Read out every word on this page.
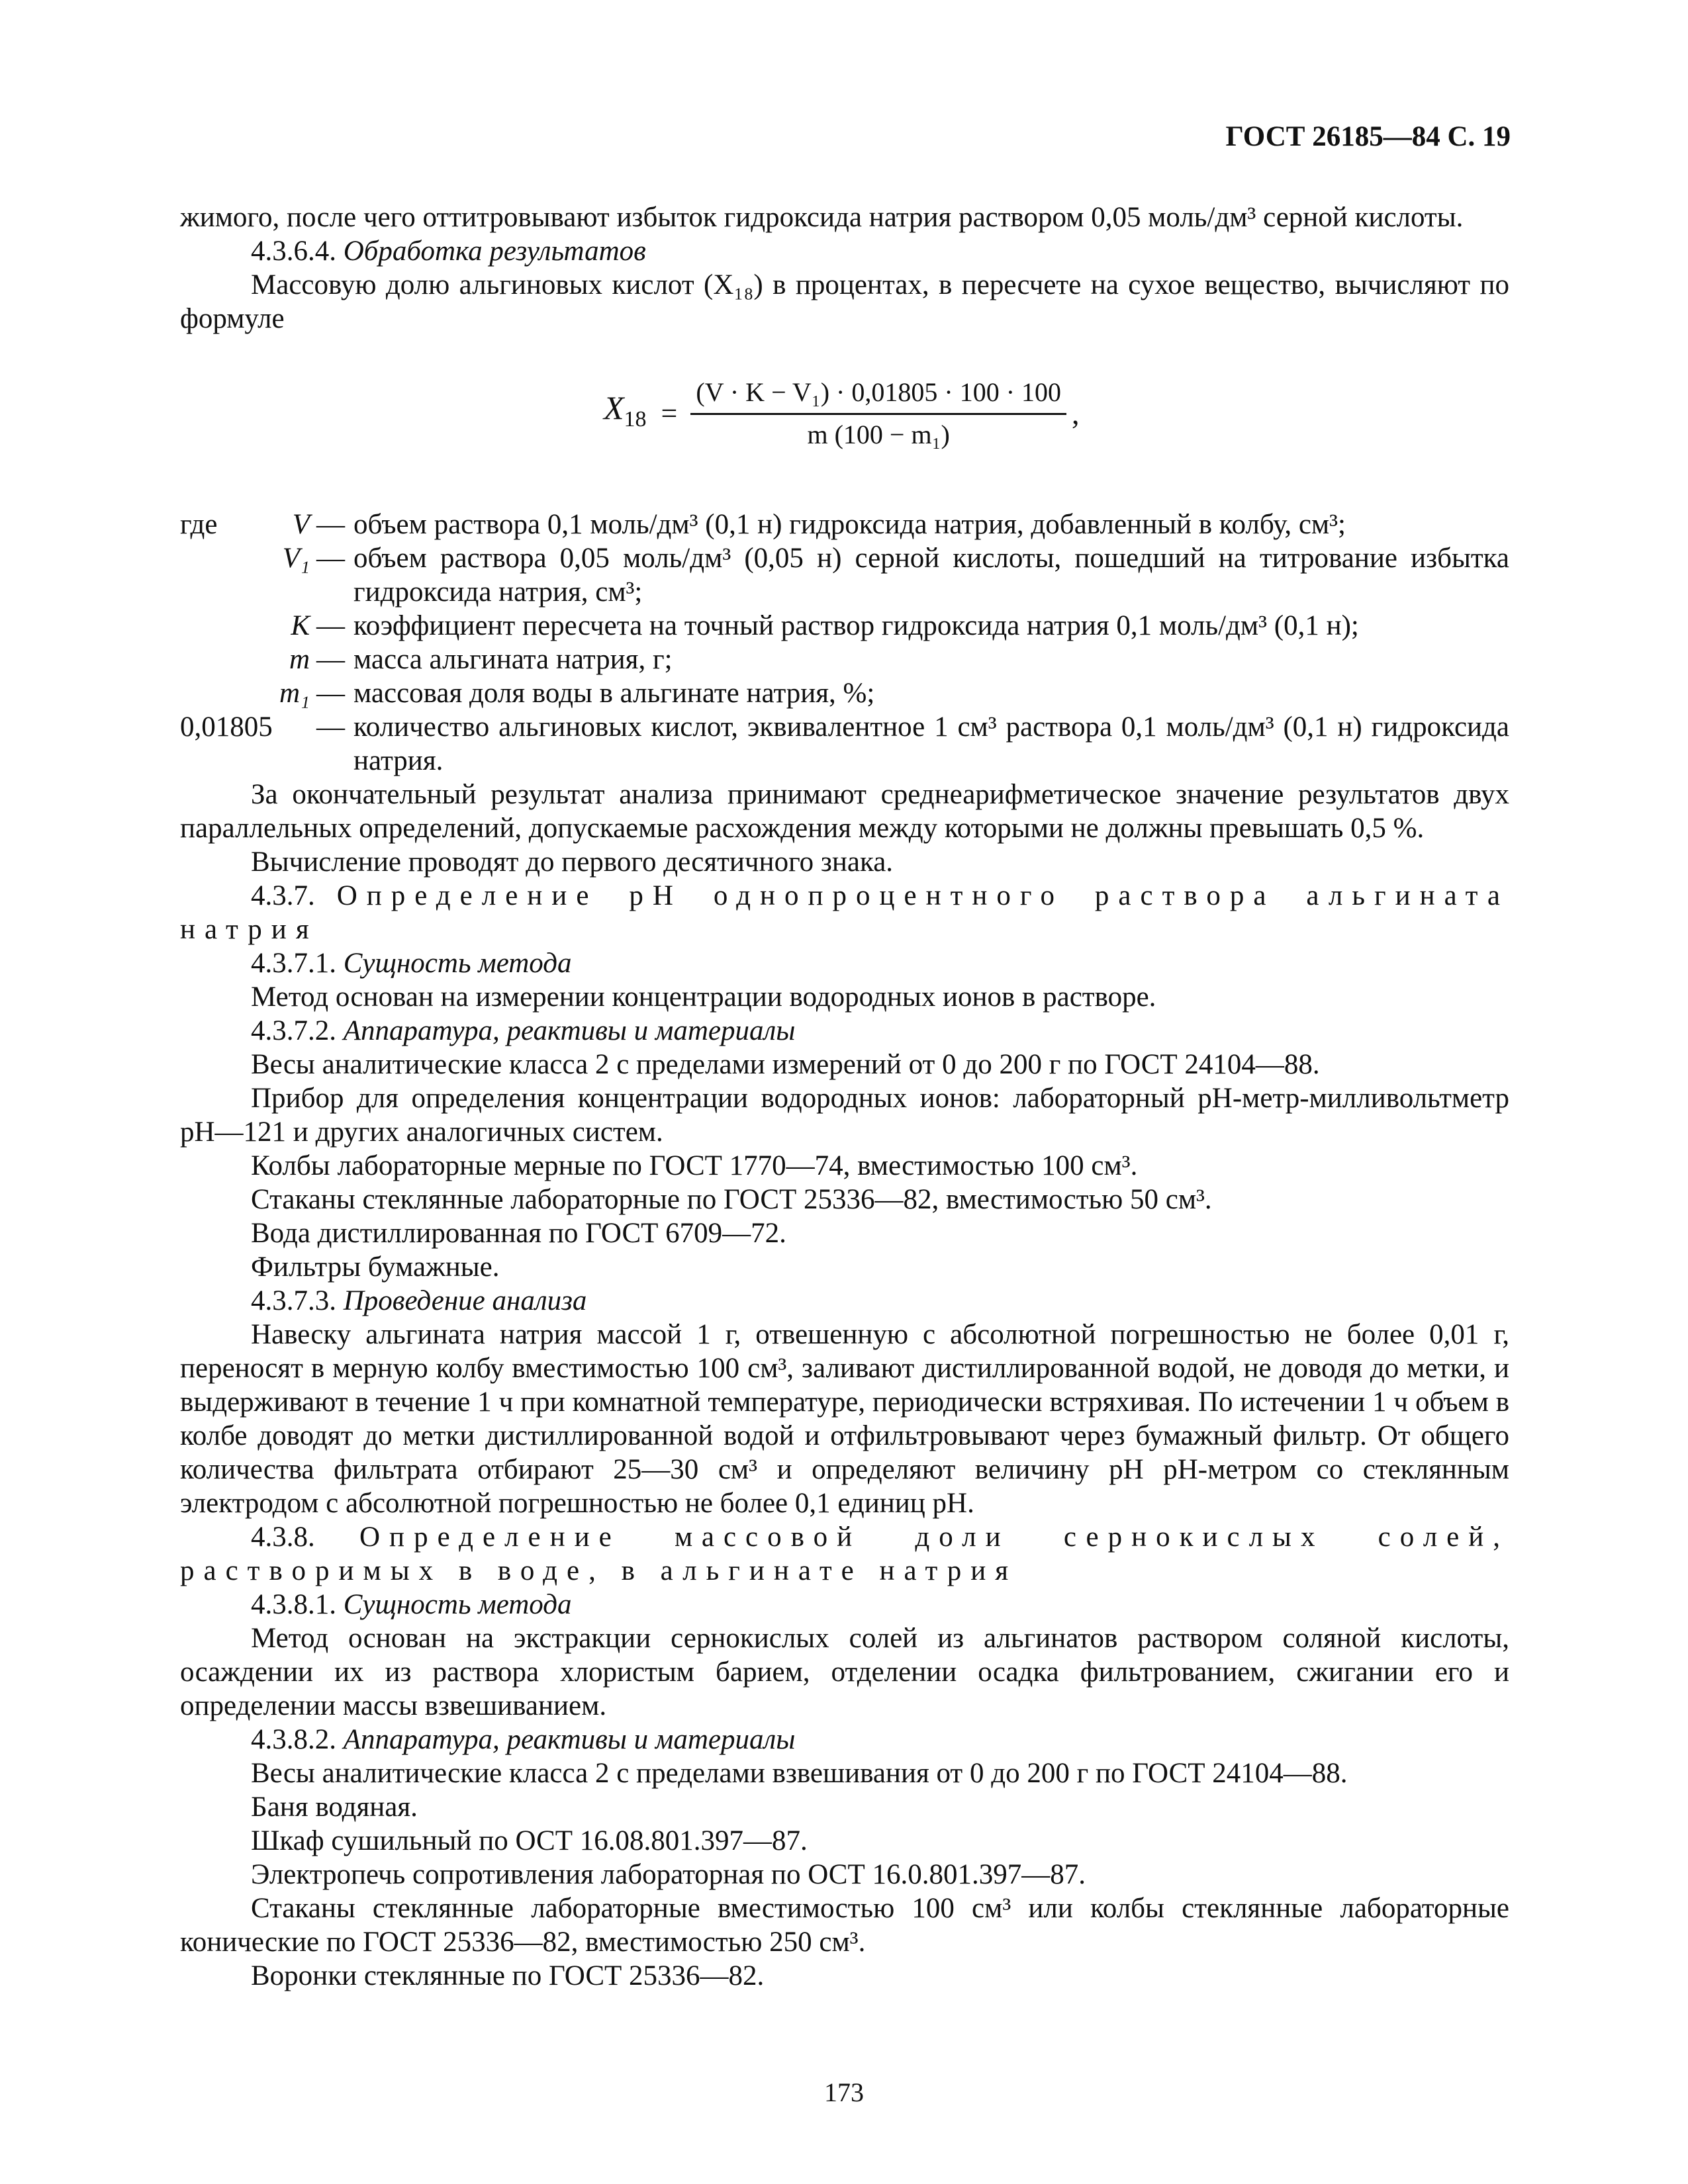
ГОСТ 26185—84 С. 19

жимого, после чего оттитровывают избыток гидроксида натрия раствором 0,05 моль/дм³ серной кислоты.

4.3.6.4. Обработка результатов

Массовую долю альгиновых кислот (X₁₈) в процентах, в пересчете на сухое вещество, вычисляют по формуле

$X_{18} = \frac{\text{(V · K − V₁) · 0,01805 · 100 · 100}}{\text{m (100 − m₁)}}$ ,
где	V — объем раствора 0,1 моль/дм³ (0,1 н) гидроксида натрия, добавленный в колбу, см³;
V₁ — объем раствора 0,05 моль/дм³ (0,05 н) серной кислоты, пошедший на титрование избытка гидроксида натрия, см³;
K — коэффициент пересчета на точный раствор гидроксида натрия 0,1 моль/дм³ (0,1 н);
m — масса альгината натрия, г;
m₁ — массовая доля воды в альгинате натрия, %;
0,01805	— количество альгиновых кислот, эквивалентное 1 см³ раствора 0,1 моль/дм³ (0,1 н) гидроксида натрия.

За окончательный результат анализа принимают среднеарифметическое значение результатов двух параллельных определений, допускаемые расхождения между которыми не должны превышать 0,5 %.

Вычисление проводят до первого десятичного знака.

4.3.7. Определение pH однопроцентного раствора альгината натрия

4.3.7.1. Сущность метода

Метод основан на измерении концентрации водородных ионов в растворе.

4.3.7.2. Аппаратура, реактивы и материалы

Весы аналитические класса 2 с пределами измерений от 0 до 200 г по ГОСТ 24104—88.

Прибор для определения концентрации водородных ионов: лабораторный pH-метр-милливольтметр pH—121 и других аналогичных систем.

Колбы лабораторные мерные по ГОСТ 1770—74, вместимостью 100 см³.

Стаканы стеклянные лабораторные по ГОСТ 25336—82, вместимостью 50 см³.

Вода дистиллированная по ГОСТ 6709—72.

Фильтры бумажные.

4.3.7.3. Проведение анализа

Навеску альгината натрия массой 1 г, отвешенную с абсолютной погрешностью не более 0,01 г, переносят в мерную колбу вместимостью 100 см³, заливают дистиллированной водой, не доводя до метки, и выдерживают в течение 1 ч при комнатной температуре, периодически встряхивая. По истечении 1 ч объем в колбе доводят до метки дистиллированной водой и отфильтровывают через бумажный фильтр. От общего количества фильтрата отбирают 25—30 см³ и определяют величину pH pH-метром со стеклянным электродом с абсолютной погрешностью не более 0,1 единиц pH.

4.3.8. Определение массовой доли сернокислых солей, растворимых в воде, в альгинате натрия

4.3.8.1. Сущность метода

Метод основан на экстракции сернокислых солей из альгинатов раствором соляной кислоты, осаждении их из раствора хлористым барием, отделении осадка фильтрованием, сжигании его и определении массы взвешиванием.

4.3.8.2. Аппаратура, реактивы и материалы

Весы аналитические класса 2 с пределами взвешивания от 0 до 200 г по ГОСТ 24104—88.

Баня водяная.

Шкаф сушильный по ОСТ 16.08.801.397—87.

Электропечь сопротивления лабораторная по ОСТ 16.0.801.397—87.

Стаканы стеклянные лабораторные вместимостью 100 см³ или колбы стеклянные лабораторные конические по ГОСТ 25336—82, вместимостью 250 см³.

Воронки стеклянные по ГОСТ 25336—82.

173
